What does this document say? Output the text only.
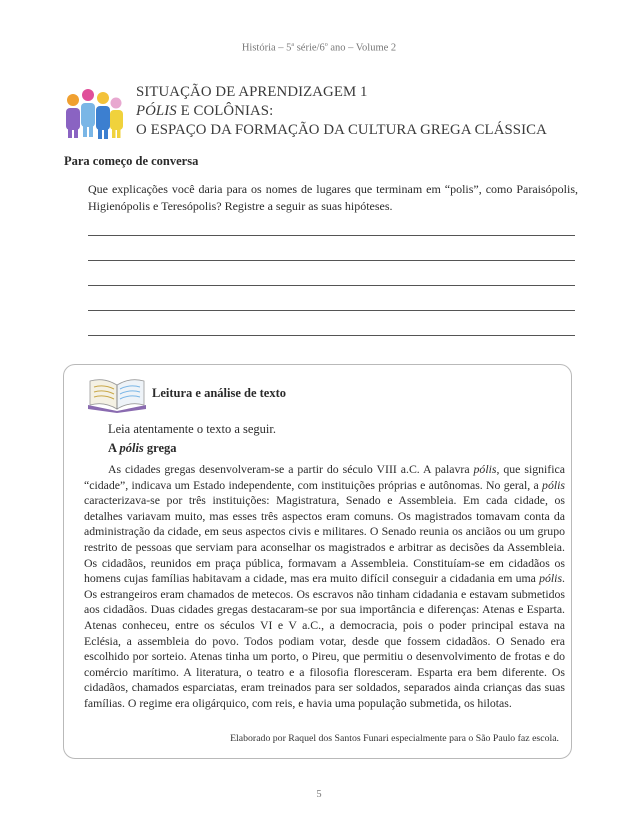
História – 5$^a$ série/6$^o$ ano – Volume 2
SITUAÇÃO DE APRENDIZAGEM 1
PÓLIS E COLÔNIAS:
O ESPAÇO DA FORMAÇÃO DA CULTURA GREGA CLÁSSICA
Para começo de conversa
Que explicações você daria para os nomes de lugares que terminam em “polis”, como Paraisópolis, Higienópolis e Teresópolis? Registre a seguir as suas hipóteses.
Leitura e análise de texto
Leia atentamente o texto a seguir.
A pólis grega

As cidades gregas desenvolveram-se a partir do século VIII a.C. A palavra pólis, que significa “cidade”, indicava um Estado independente, com instituições próprias e autônomas. No geral, a pólis caracterizava-se por três instituições: Magistratura, Senado e Assembleia. Em cada cidade, os detalhes variavam muito, mas esses três aspectos eram comuns. Os magistrados tomavam conta da administração da cidade, em seus aspectos civis e militares. O Senado reunia os anciãos ou um grupo restrito de pessoas que serviam para aconselhar os magistrados e arbitrar as decisões da Assembleia. Os cidadãos, reunidos em praça pública, formavam a Assembleia. Constituíam-se em cidadãos os homens cujas famílias habitavam a cidade, mas era muito difícil conseguir a cidadania em uma pólis. Os estrangeiros eram chamados de metecos. Os escravos não tinham cidadania e estavam submetidos aos cidadãos. Duas cidades gregas destacaram-se por sua importância e diferenças: Atenas e Esparta. Atenas conheceu, entre os séculos VI e V a.C., a democracia, pois o poder principal estava na Eclésia, a assembleia do povo. Todos podiam votar, desde que fossem cidadãos. O Senado era escolhido por sorteio. Atenas tinha um porto, o Pireu, que permitiu o desenvolvimento de frotas e do comércio marítimo. A literatura, o teatro e a filosofia floresceram. Esparta era bem diferente. Os cidadãos, chamados esparciatas, eram treinados para ser soldados, separados ainda crianças das suas famílias. O regime era oligárquico, com reis, e havia uma população submetida, os hilotas.

Elaborado por Raquel dos Santos Funari especialmente para o São Paulo faz escola.
5
